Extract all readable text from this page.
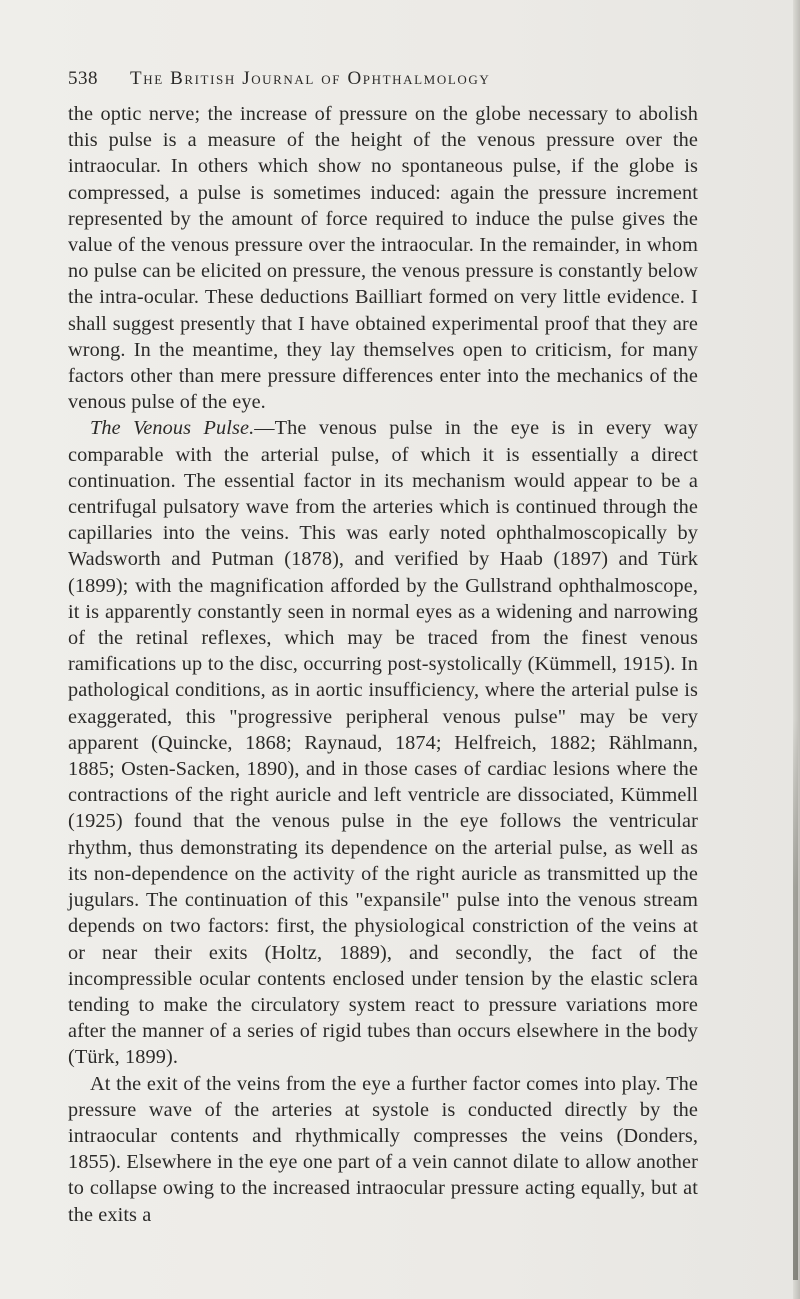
538 The British Journal of Ophthalmology

the optic nerve; the increase of pressure on the globe necessary to abolish this pulse is a measure of the height of the venous pressure over the intraocular. In others which show no spontaneous pulse, if the globe is compressed, a pulse is sometimes induced: again the pressure increment represented by the amount of force required to induce the pulse gives the value of the venous pressure over the intraocular. In the remainder, in whom no pulse can be elicited on pressure, the venous pressure is constantly below the intra-ocular. These deductions Bailliart formed on very little evidence. I shall suggest presently that I have obtained experimental proof that they are wrong. In the meantime, they lay themselves open to criticism, for many factors other than mere pressure differences enter into the mechanics of the venous pulse of the eye.

The Venous Pulse.—The venous pulse in the eye is in every way comparable with the arterial pulse, of which it is essentially a direct continuation. The essential factor in its mechanism would appear to be a centrifugal pulsatory wave from the arteries which is continued through the capillaries into the veins. This was early noted ophthalmoscopically by Wadsworth and Putman (1878), and verified by Haab (1897) and Türk (1899); with the magnification afforded by the Gullstrand ophthalmoscope, it is apparently constantly seen in normal eyes as a widening and narrowing of the retinal reflexes, which may be traced from the finest venous ramifications up to the disc, occurring post-systolically (Kümmell, 1915). In pathological conditions, as in aortic insufficiency, where the arterial pulse is exaggerated, this "progressive peripheral venous pulse" may be very apparent (Quincke, 1868; Raynaud, 1874; Helfreich, 1882; Rählmann, 1885; Osten-Sacken, 1890), and in those cases of cardiac lesions where the contractions of the right auricle and left ventricle are dissociated, Kümmell (1925) found that the venous pulse in the eye follows the ventricular rhythm, thus demonstrating its dependence on the arterial pulse, as well as its non-dependence on the activity of the right auricle as transmitted up the jugulars. The continuation of this "expansile" pulse into the venous stream depends on two factors: first, the physiological constriction of the veins at or near their exits (Holtz, 1889), and secondly, the fact of the incompressible ocular contents enclosed under tension by the elastic sclera tending to make the circulatory system react to pressure variations more after the manner of a series of rigid tubes than occurs elsewhere in the body (Türk, 1899).

At the exit of the veins from the eye a further factor comes into play. The pressure wave of the arteries at systole is conducted directly by the intraocular contents and rhythmically compresses the veins (Donders, 1855). Elsewhere in the eye one part of a vein cannot dilate to allow another to collapse owing to the increased intraocular pressure acting equally, but at the exits a
